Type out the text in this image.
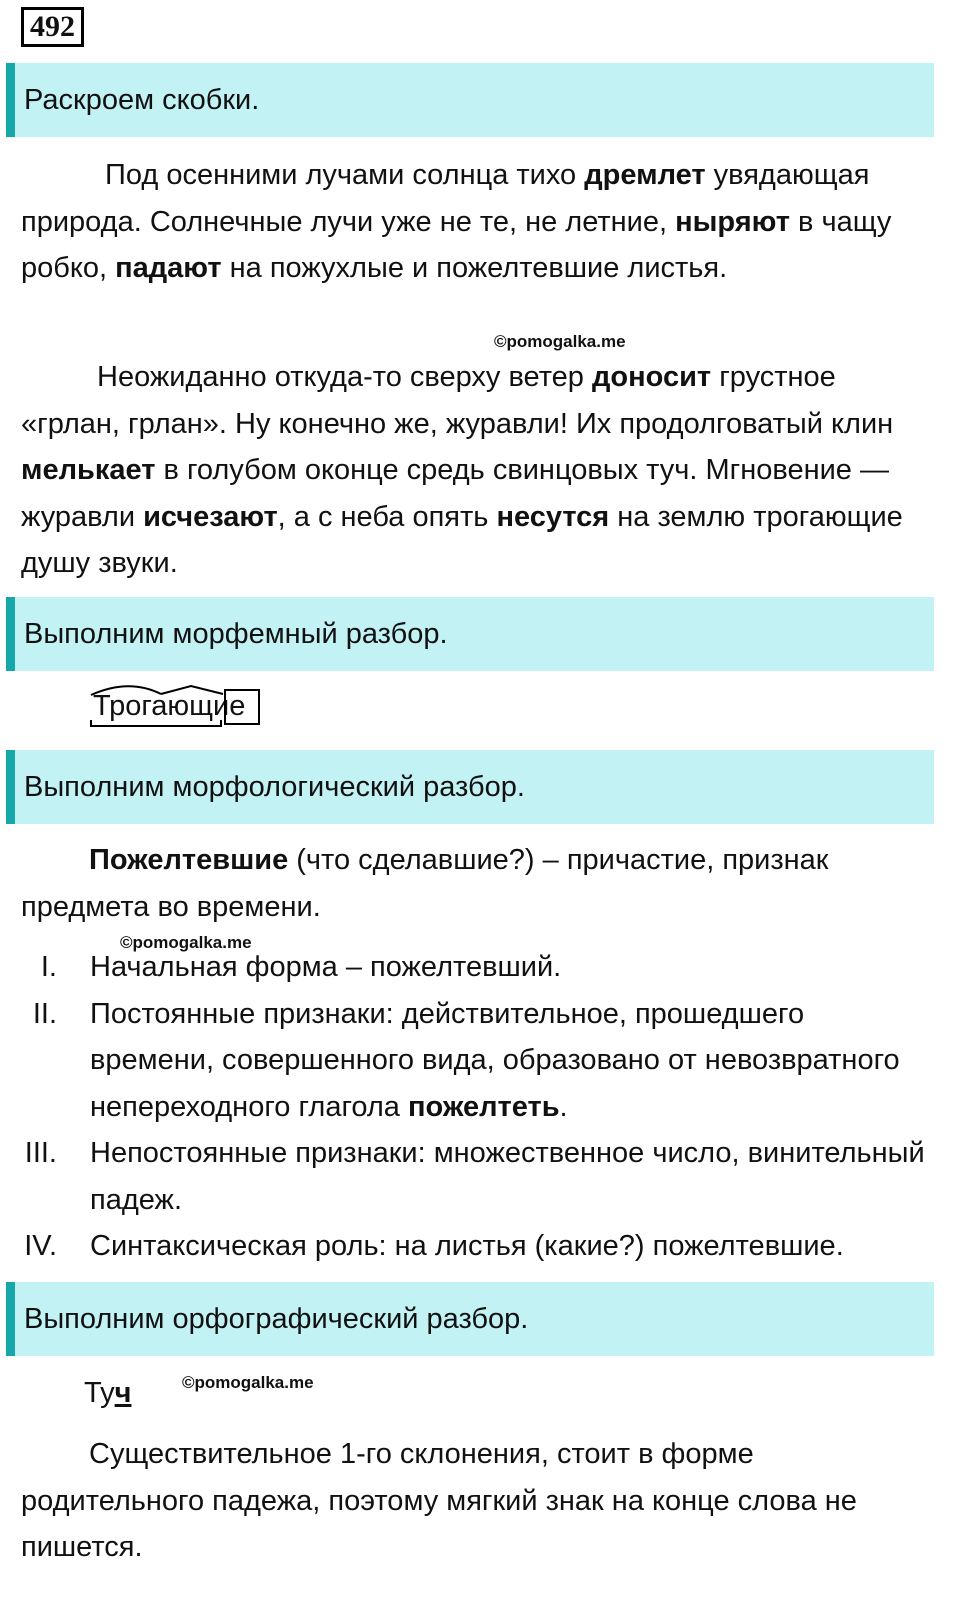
492
Раскроем скобки.

Под осенними лучами солнца тихо дремлет увядающая природа. Солнечные лучи уже не те, не летние, ныряют в чащу робко, падают на пожухлые и пожелтевшие листья.

©pomogalka.me

Неожиданно откуда-то сверху ветер доносит грустное «грлан, грлан». Ну конечно же, журавли! Их продолговатый клин мелькает в голубом оконце средь свинцовых туч. Мгновение — журавли исчезают, а с неба опять несутся на землю трогающие душу звуки.

Выполним морфемный разбор.
Трогающие
Выполним морфологический разбор.

Пожелтевшие (что сделавшие?) – причастие, признак предмета во времени.

©pomogalka.me
I. Начальная форма – пожелтевший.
II. Постоянные признаки: действительное, прошедшего времени, совершенного вида, образовано от невозвратного непереходного глагола пожелтеть.
III. Непостоянные признаки: множественное число, винительный падеж.
IV. Синтаксическая роль: на листья (какие?) пожелтевшие.
Выполним орфографический разбор.
Туч	©pomogalka.me

Существительное 1-го склонения, стоит в форме родительного падежа, поэтому мягкий знак на конце слова не пишется.
